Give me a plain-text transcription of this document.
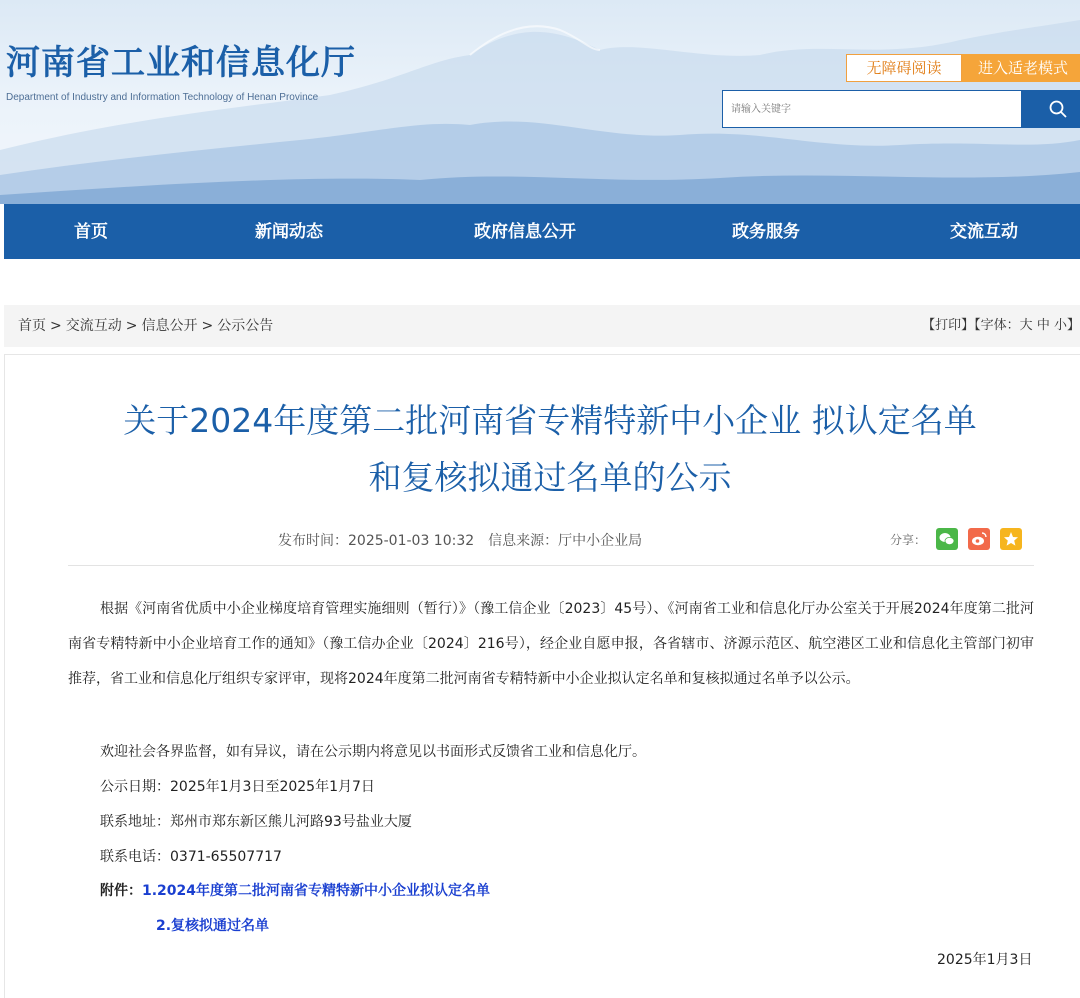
河南省工业和信息化厅
Department of Industry and Information Technology of Henan Province
无障碍阅读	进入适老模式
请输入关键字
首页	新闻动态	政府信息公开	政务服务	交流互动
首页 > 交流互动 > 信息公开 > 公示公告	【打印】【字体：大 中 小】
关于2024年度第二批河南省专精特新中小企业 拟认定名单
和复核拟通过名单的公示
发布时间：2025-01-03 10:32 信息来源：厅中小企业局	分享：

根据《河南省优质中小企业梯度培育管理实施细则（暂行）》（豫工信企业〔2023〕45号）、《河南省工业和信息化厅办公室关于开展2024年度第二批河南省专精特新中小企业培育工作的通知》（豫工信办企业〔2024〕216号），经企业自愿申报，各省辖市、济源示范区、航空港区工业和信息化主管部门初审推荐，省工业和信息化厅组织专家评审，现将2024年度第二批河南省专精特新中小企业拟认定名单和复核拟通过名单予以公示。

欢迎社会各界监督，如有异议，请在公示期内将意见以书面形式反馈省工业和信息化厅。
公示日期：2025年1月3日至2025年1月7日
联系地址：郑州市郑东新区熊儿河路93号盐业大厦
联系电话：0371-65507717
附件：1.2024年度第二批河南省专精特新中小企业拟认定名单
2.复核拟通过名单
2025年1月3日
